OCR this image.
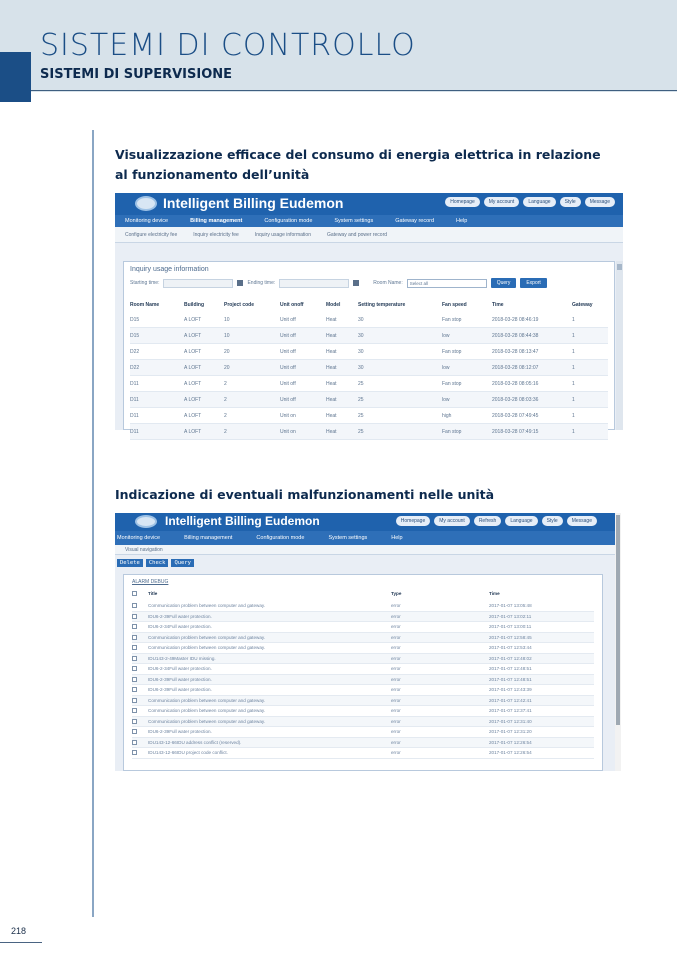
SISTEMI DI CONTROLLO
SISTEMI DI SUPERVISIONE
Visualizzazione efficace del consumo di energia elettrica in relazione
al funzionamento dell’unità
Intelligent Billing Eudemon	Homepage	My account	Language	Style	Message
Monitoring device	Billing management	Configuration mode	System settings	Gateway record	Help
Configure electricity fee	Inquiry electricity fee	Inquiry usage information	Gateway and power record
Inquiry usage information
Starting time:	Ending time:	Room Name:	Select all	Query	Export
Room Name	Building	Project code	Unit onoff	Model	Setting temperature	Fan speed	Time	Gateway
D15	A LOFT	10	Unit off	Heat	30	Fan stop	2018-03-28 08:46:19	1
D15	A LOFT	10	Unit off	Heat	30	low	2018-03-28 08:44:38	1
D22	A LOFT	20	Unit off	Heat	30	Fan stop	2018-03-28 08:13:47	1
D22	A LOFT	20	Unit off	Heat	30	low	2018-03-28 08:12:07	1
D11	A LOFT	2	Unit off	Heat	25	Fan stop	2018-03-28 08:05:16	1
D11	A LOFT	2	Unit off	Heat	25	low	2018-03-28 08:03:36	1
D11	A LOFT	2	Unit on	Heat	25	high	2018-03-28 07:49:45	1
D11	A LOFT	2	Unit on	Heat	25	Fan stop	2018-03-28 07:49:15	1
Indicazione di eventuali malfunzionamenti nelle unità
Intelligent Billing Eudemon	Homepage	My account	Refresh	Language	Style	Message
Monitoring device	Billing management	Configuration mode	System settings	Help
Visual navigation
Delete	Check	Query
ALARM DEBUG
Title	Type	Time
Communication problem between computer and gateway.	error	2017-01-07 13:05:48
IDU6-2-39Full water protection.	error	2017-01-07 13:02:11
IDU6-2-34Full water protection.	error	2017-01-07 13:00:11
Communication problem between computer and gateway.	error	2017-01-07 12:58:45
Communication problem between computer and gateway.	error	2017-01-07 12:53:44
IDU143-2-49Master IDU missing.	error	2017-01-07 12:48:02
IDU6-2-34Full water protection.	error	2017-01-07 12:48:51
IDU6-2-39Full water protection.	error	2017-01-07 12:48:51
IDU6-2-39Full water protection.	error	2017-01-07 12:43:39
Communication problem between computer and gateway.	error	2017-01-07 12:42:41
Communication problem between computer and gateway.	error	2017-01-07 12:37:41
Communication problem between computer and gateway.	error	2017-01-07 12:31:40
IDU6-2-39Full water protection.	error	2017-01-07 12:31:20
IDU143-12-66IDU address conflict (reserved).	error	2017-01-07 12:26:54
IDU143-12-66IDU project code conflict.	error	2017-01-07 12:26:54
218
